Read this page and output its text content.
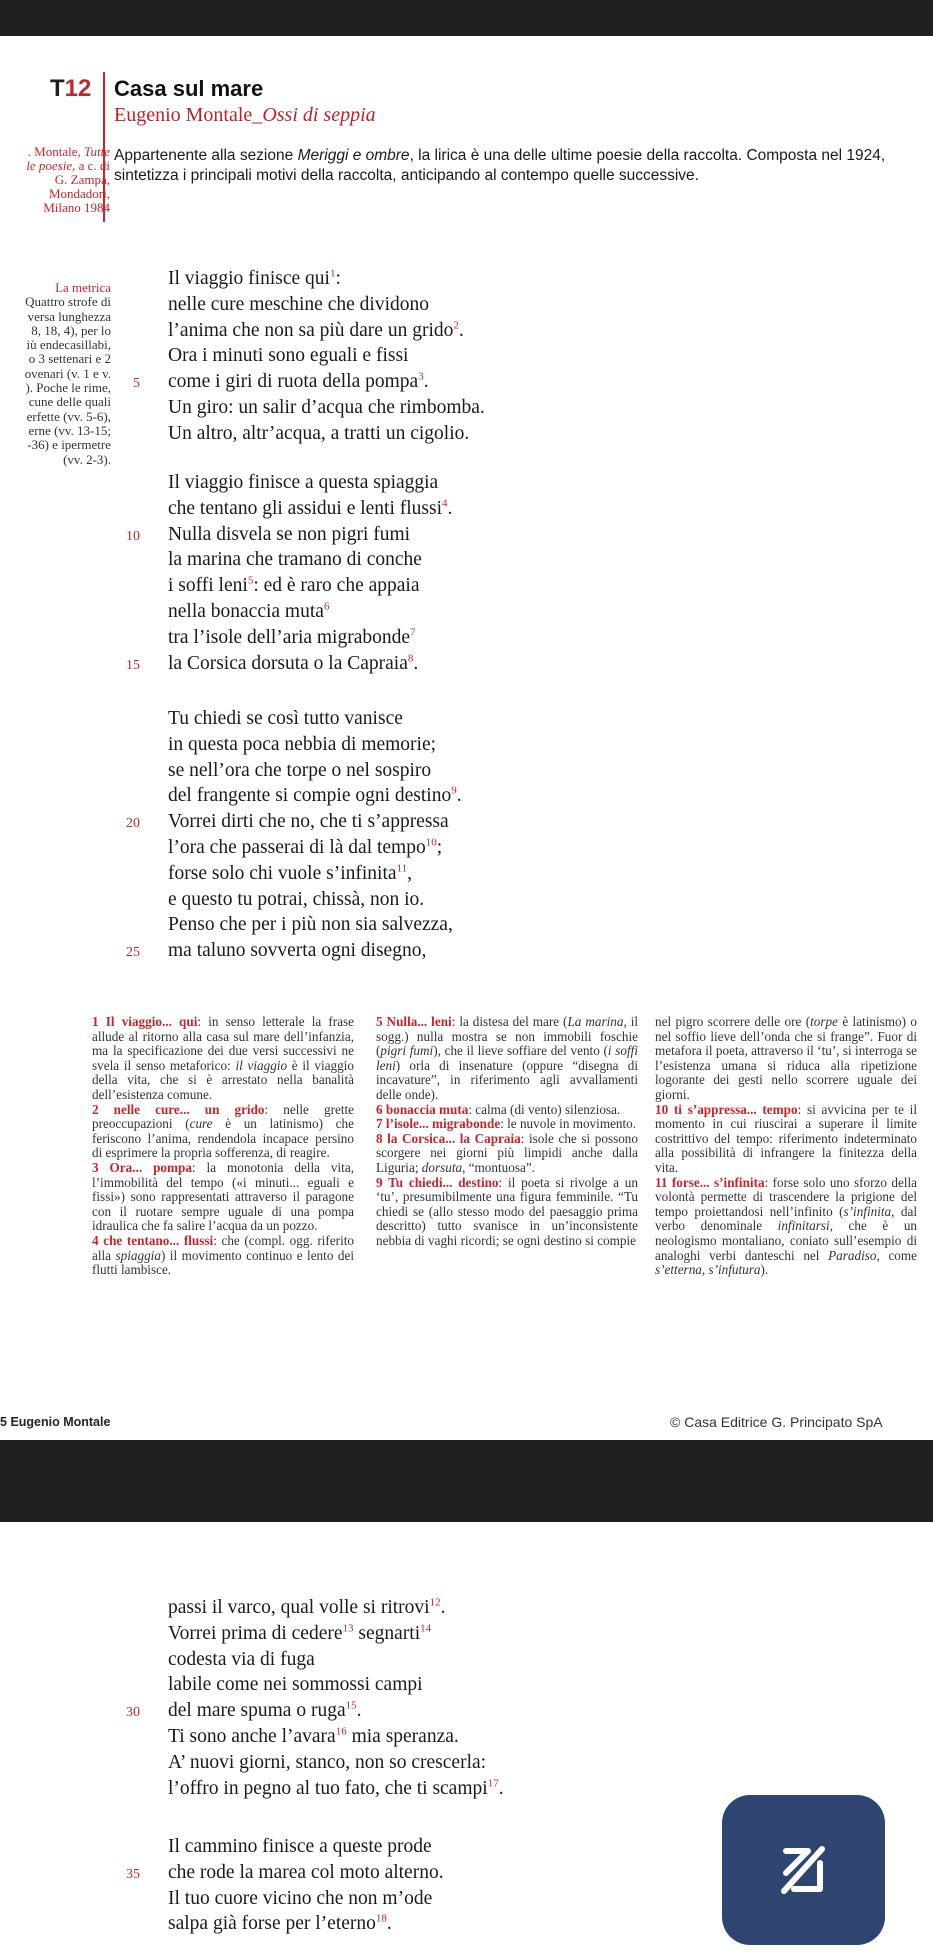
T12 Casa sul mare
Eugenio Montale_Ossi di seppia
Appartenente alla sezione Meriggi e ombre, la lirica è una delle ultime poesie della raccolta. Composta nel 1924, sintetizza i principali motivi della raccolta, anticipando al contempo quelle successive.
. Montale, Tutte
le poesie, a c. di
G. Zampa,
Mondadori,
Milano 1984
La metrica
Quattro strofe di
versa lunghezza
8, 18, 4), per lo
iù endecasillabi,
o 3 settenari e 2
ovenari (v. 1 e v.
). Poche le rime,
cune delle quali
erfette (vv. 5-6),
erne (vv. 13-15;
-36) e ipermetre
(vv. 2-3).
Il viaggio finisce qui$^1$:
nelle cure meschine che dividono
l’anima che non sa più dare un grido$^2$.
Ora i minuti sono eguali e fissi
5 come i giri di ruota della pompa$^3$.
Un giro: un salir d’acqua che rimbomba.
Un altro, altr’acqua, a tratti un cigolio.
Il viaggio finisce a questa spiaggia
che tentano gli assidui e lenti flussi$^4$.
10 Nulla disvela se non pigri fumi
la marina che tramano di conche
i soffi leni$^5$: ed è raro che appaia
nella bonaccia muta$^6$
tra l’isole dell’aria migrabonde$^7$
15 la Corsica dorsuta o la Capraia$^8$.
Tu chiedi se così tutto vanisce
in questa poca nebbia di memorie;
se nell’ora che torpe o nel sospiro
del frangente si compie ogni destino$^9$.
20 Vorrei dirti che no, che ti s’appressa
l’ora che passerai di là dal tempo$^{10}$;
forse solo chi vuole s’infinita$^{11}$,
e questo tu potrai, chissà, non io.
Penso che per i più non sia salvezza,
25 ma taluno sovverta ogni disegno,

1 Il viaggio... qui: in senso letterale la frase allude al ritorno alla casa sul mare dell’infanzia, ma la specificazione dei due versi successivi ne svela il senso metaforico: il viaggio è il viaggio della vita, che si è arrestato nella banalità dell’esistenza comune.

2 nelle cure... un grido: nelle grette preoccupazioni (cure è un latinismo) che feriscono l’anima, rendendola incapace persino di esprimere la propria sofferenza, di reagire.

3 Ora... pompa: la monotonia della vita, l’immobilità del tempo («i minuti... eguali e fissi») sono rappresentati attraverso il paragone con il ruotare sempre uguale di una pompa idraulica che fa salire l’acqua da un pozzo.

4 che tentano... flussi: che (compl. ogg. riferito alla spiaggia) il movimento continuo e lento dei flutti lambisce.

5 Nulla... leni: la distesa del mare (La marina, il sogg.) nulla mostra se non immobili foschie (pigri fumi), che il lieve soffiare del vento (i soffi leni) orla di insenature (oppure “disegna di incavature”, in riferimento agli avvallamenti delle onde).

6 bonaccia muta: calma (di vento) silenziosa.

7 l’isole... migrabonde: le nuvole in movimento.

8 la Corsica... la Capraia: isole che si possono scorgere nei giorni più limpidi anche dalla Liguria; dorsuta, “montuosa”.

9 Tu chiedi... destino: il poeta si rivolge a un ‘tu’, presumibilmente una figura femminile. “Tu chiedi se (allo stesso modo del paesaggio prima descritto) tutto svanisce in un’inconsistente nebbia di vaghi ricordi; se ogni destino si compie

nel pigro scorrere delle ore (torpe è latinismo) o nel soffio lieve dell’onda che si frange”. Fuor di metafora il poeta, attraverso il ‘tu’, si interroga se l’esistenza umana si riduca alla ripetizione logorante dei gesti nello scorrere uguale dei giorni.

10 ti s’appressa... tempo: si avvicina per te il momento in cui riuscirai a superare il limite costrittivo del tempo: riferimento indeterminato alla possibilità di infrangere la finitezza della vita.

11 forse... s’infinita: forse solo uno sforzo della volontà permette di trascendere la prigione del tempo proiettandosi nell’infinito (s’infinita, dal verbo denominale infinitarsi, che è un neologismo montaliano, coniato sull’esempio di analoghi verbi danteschi nel Paradiso, come s’etterna, s’infutura).

5 Eugenio Montale	© Casa Editrice G. Principato SpA
passi il varco, qual volle si ritrovi$^{12}$.
Vorrei prima di cedere$^{13}$ segnarti$^{14}$
codesta via di fuga
labile come nei sommossi campi
30 del mare spuma o ruga$^{15}$.
Ti sono anche l’avara$^{16}$ mia speranza.
A’ nuovi giorni, stanco, non so crescerla:
l’offro in pegno al tuo fato, che ti scampi$^{17}$.
Il cammino finisce a queste prode
35 che rode la marea col moto alterno.
Il tuo cuore vicino che non m’ode
salpa già forse per l’eterno$^{18}$.
